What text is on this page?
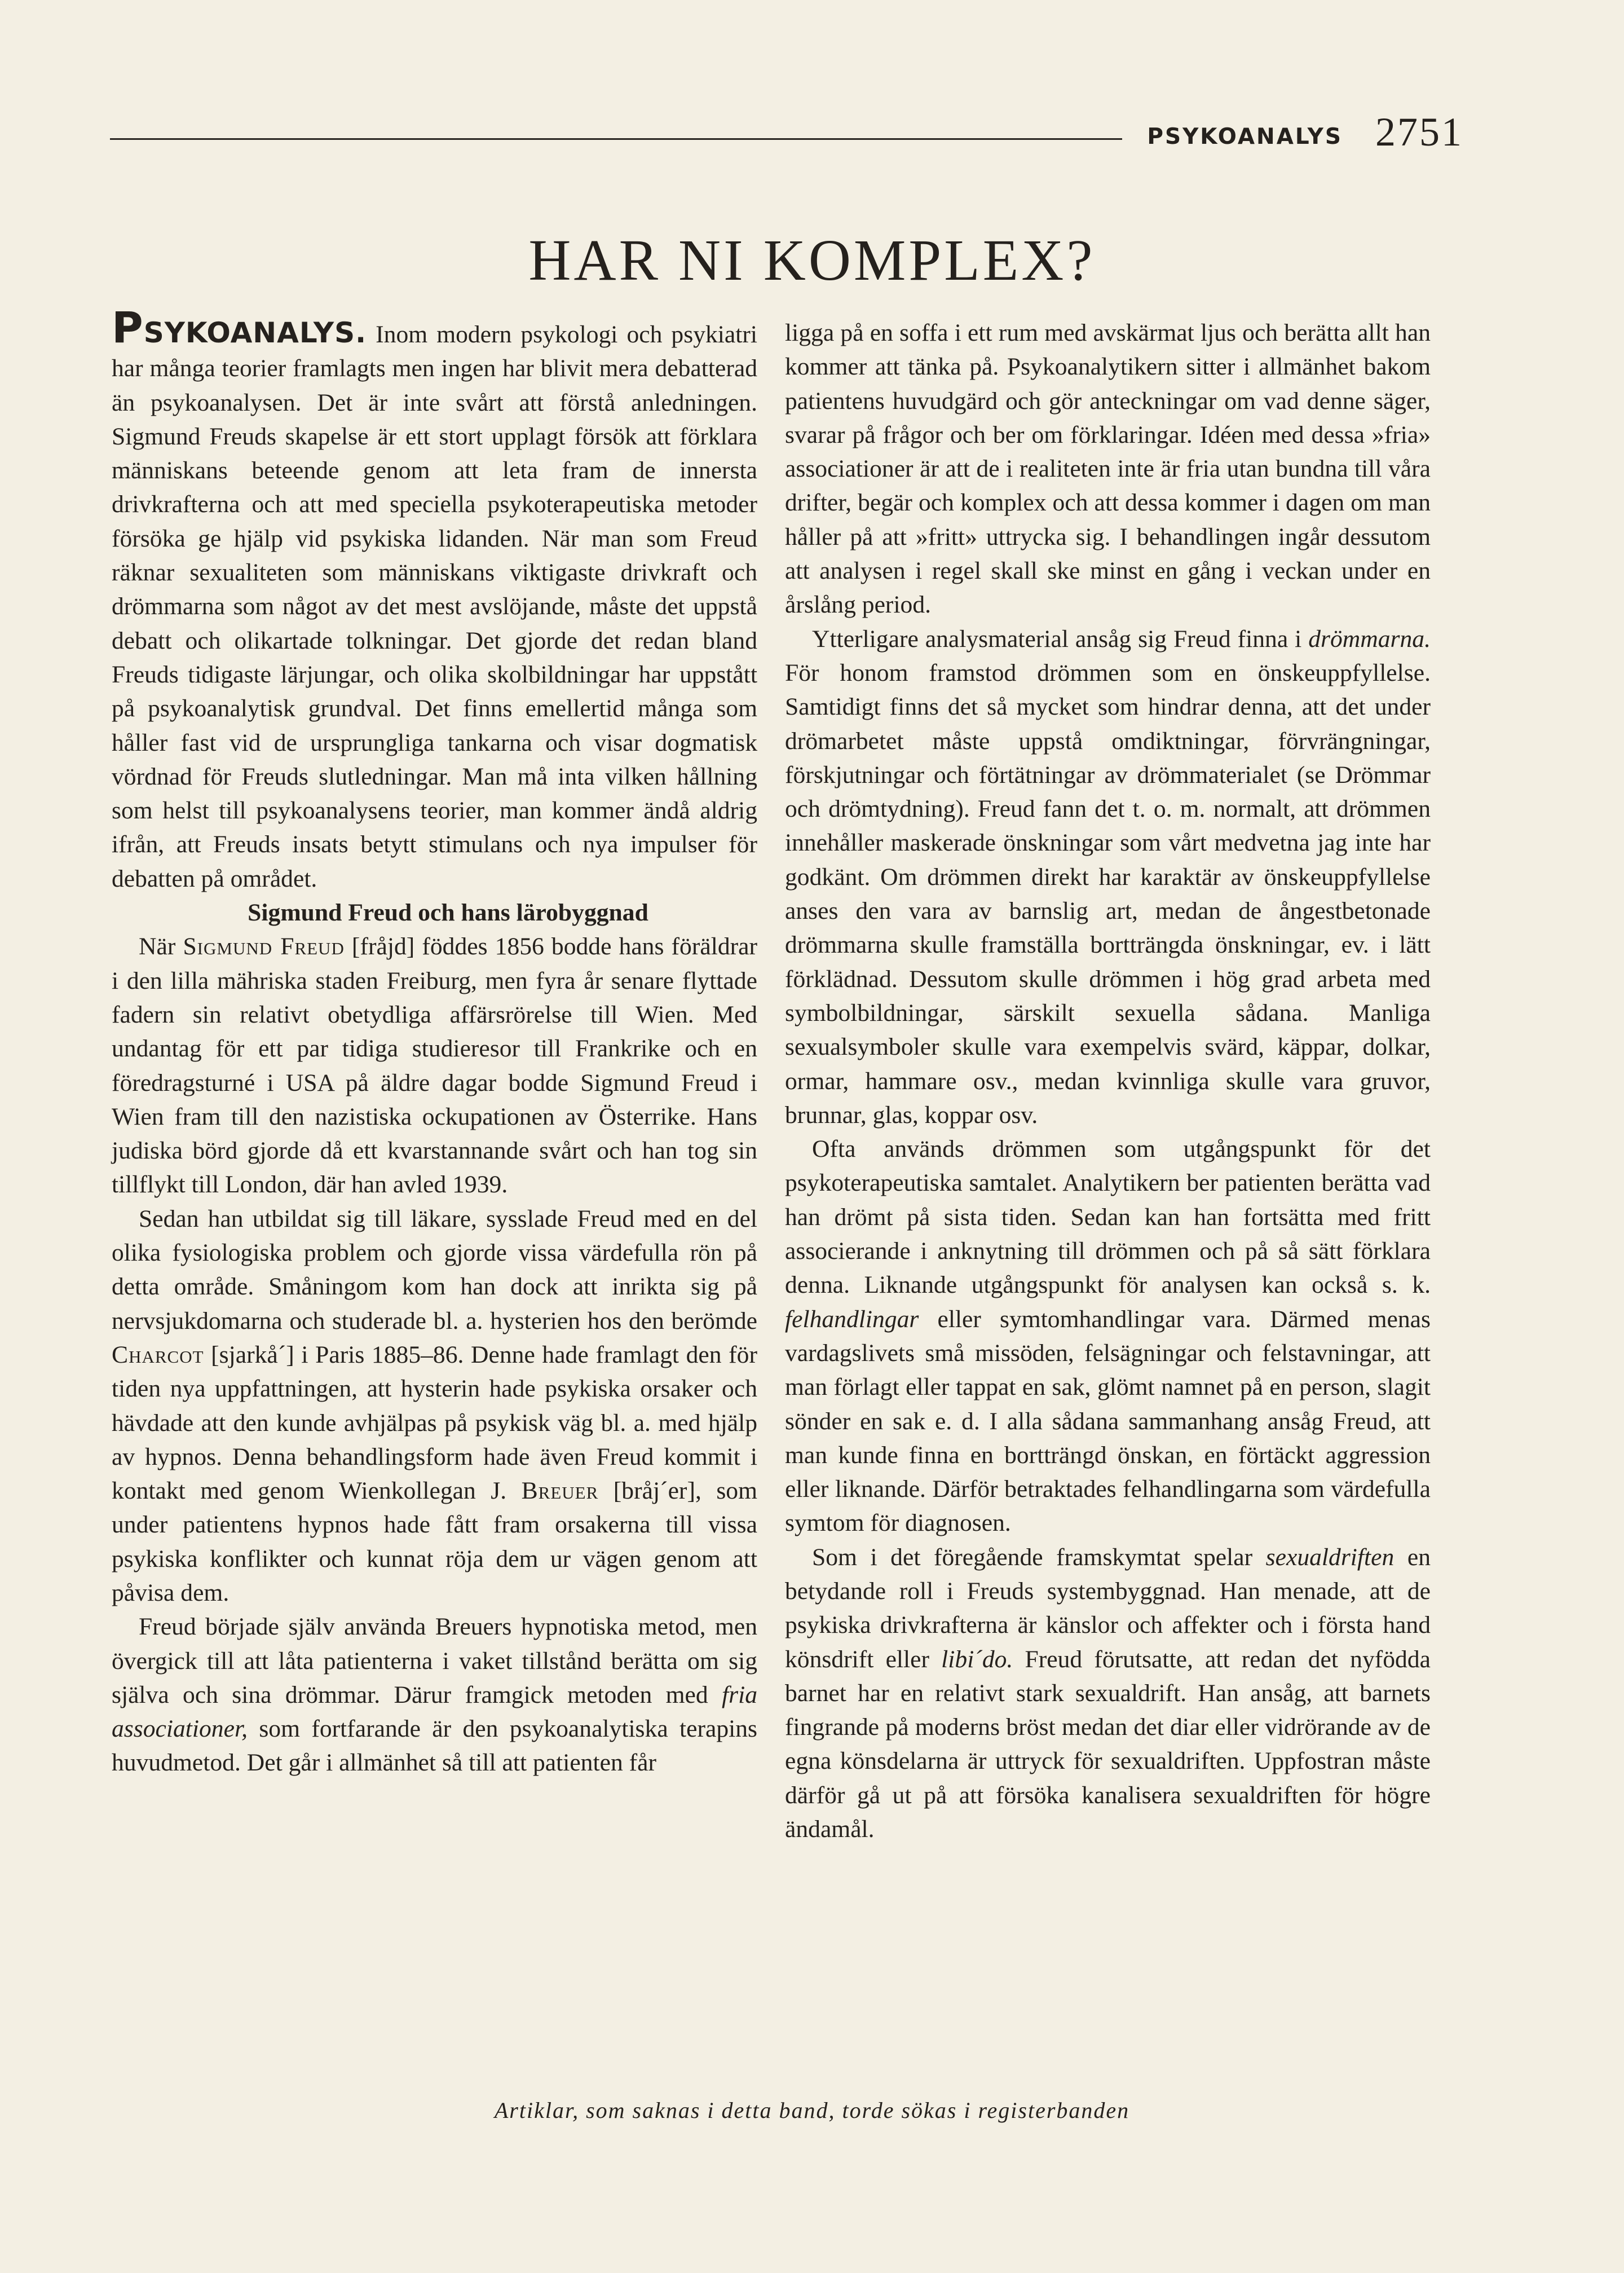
PSYKOANALYS 2751
HAR NI KOMPLEX?

PSYKOANALYS. Inom modern psykologi och psykiatri har många teorier framlagts men ingen har blivit mera debatterad än psykoanalysen. Det är inte svårt att förstå anledningen. Sigmund Freuds skapelse är ett stort upplagt försök att förklara människans beteende genom att leta fram de innersta drivkrafterna och att med speciella psykoterapeutiska metoder försöka ge hjälp vid psykiska lidanden. När man som Freud räknar sexualiteten som människans viktigaste drivkraft och drömmarna som något av det mest avslöjande, måste det uppstå debatt och olikartade tolkningar. Det gjorde det redan bland Freuds tidigaste lärjungar, och olika skolbildningar har uppstått på psykoanalytisk grundval. Det finns emellertid många som håller fast vid de ursprungliga tankarna och visar dogmatisk vördnad för Freuds slutledningar. Man må inta vilken hållning som helst till psykoanalysens teorier, man kommer ändå aldrig ifrån, att Freuds insats betytt stimulans och nya impulser för debatten på området.

Sigmund Freud och hans lärobyggnad

När Sigmund Freud [fråjd] föddes 1856 bodde hans föräldrar i den lilla mähriska staden Freiburg, men fyra år senare flyttade fadern sin relativt obetydliga affärsrörelse till Wien. Med undantag för ett par tidiga studieresor till Frankrike och en föredragsturné i USA på äldre dagar bodde Sigmund Freud i Wien fram till den nazistiska ockupationen av Österrike. Hans judiska börd gjorde då ett kvarstannande svårt och han tog sin tillflykt till London, där han avled 1939.

Sedan han utbildat sig till läkare, sysslade Freud med en del olika fysiologiska problem och gjorde vissa värdefulla rön på detta område. Småningom kom han dock att inrikta sig på nervsjukdomarna och studerade bl. a. hysterien hos den berömde Charcot [sjarkå´] i Paris 1885–86. Denne hade framlagt den för tiden nya uppfattningen, att hysterin hade psykiska orsaker och hävdade att den kunde avhjälpas på psykisk väg bl. a. med hjälp av hypnos. Denna behandlingsform hade även Freud kommit i kontakt med genom Wienkollegan J. Breuer [bråj´er], som under patientens hypnos hade fått fram orsakerna till vissa psykiska konflikter och kunnat röja dem ur vägen genom att påvisa dem.

Freud började själv använda Breuers hypnotiska metod, men övergick till att låta patienterna i vaket tillstånd berätta om sig själva och sina drömmar. Därur framgick metoden med fria associationer, som fortfarande är den psykoanalytiska terapins huvudmetod. Det går i allmänhet så till att patienten får

ligga på en soffa i ett rum med avskärmat ljus och berätta allt han kommer att tänka på. Psykoanalytikern sitter i allmänhet bakom patientens huvudgärd och gör anteckningar om vad denne säger, svarar på frågor och ber om förklaringar. Idéen med dessa »fria» associationer är att de i realiteten inte är fria utan bundna till våra drifter, begär och komplex och att dessa kommer i dagen om man håller på att »fritt» uttrycka sig. I behandlingen ingår dessutom att analysen i regel skall ske minst en gång i veckan under en årslång period.

Ytterligare analysmaterial ansåg sig Freud finna i drömmarna. För honom framstod drömmen som en önskeuppfyllelse. Samtidigt finns det så mycket som hindrar denna, att det under drömarbetet måste uppstå omdiktningar, förvrängningar, förskjutningar och förtätningar av drömmaterialet (se Drömmar och drömtydning). Freud fann det t. o. m. normalt, att drömmen innehåller maskerade önskningar som vårt medvetna jag inte har godkänt. Om drömmen direkt har karaktär av önskeuppfyllelse anses den vara av barnslig art, medan de ångestbetonade drömmarna skulle framställa bortträngda önskningar, ev. i lätt förklädnad. Dessutom skulle drömmen i hög grad arbeta med symbolbildningar, särskilt sexuella sådana. Manliga sexualsymboler skulle vara exempelvis svärd, käppar, dolkar, ormar, hammare osv., medan kvinnliga skulle vara gruvor, brunnar, glas, koppar osv.

Ofta används drömmen som utgångspunkt för det psykoterapeutiska samtalet. Analytikern ber patienten berätta vad han drömt på sista tiden. Sedan kan han fortsätta med fritt associerande i anknytning till drömmen och på så sätt förklara denna. Liknande utgångspunkt för analysen kan också s. k. felhandlingar eller symtomhandlingar vara. Därmed menas vardagslivets små missöden, felsägningar och felstavningar, att man förlagt eller tappat en sak, glömt namnet på en person, slagit sönder en sak e. d. I alla sådana sammanhang ansåg Freud, att man kunde finna en bortträngd önskan, en förtäckt aggression eller liknande. Därför betraktades felhandlingarna som värdefulla symtom för diagnosen.

Som i det föregående framskymtat spelar sexualdriften en betydande roll i Freuds systembyggnad. Han menade, att de psykiska drivkrafterna är känslor och affekter och i första hand könsdrift eller libi´do. Freud förutsatte, att redan det nyfödda barnet har en relativt stark sexualdrift. Han ansåg, att barnets fingrande på moderns bröst medan det diar eller vidrörande av de egna könsdelarna är uttryck för sexualdriften. Uppfostran måste därför gå ut på att försöka kanalisera sexualdriften för högre ändamål.

Artiklar, som saknas i detta band, torde sökas i registerbanden
